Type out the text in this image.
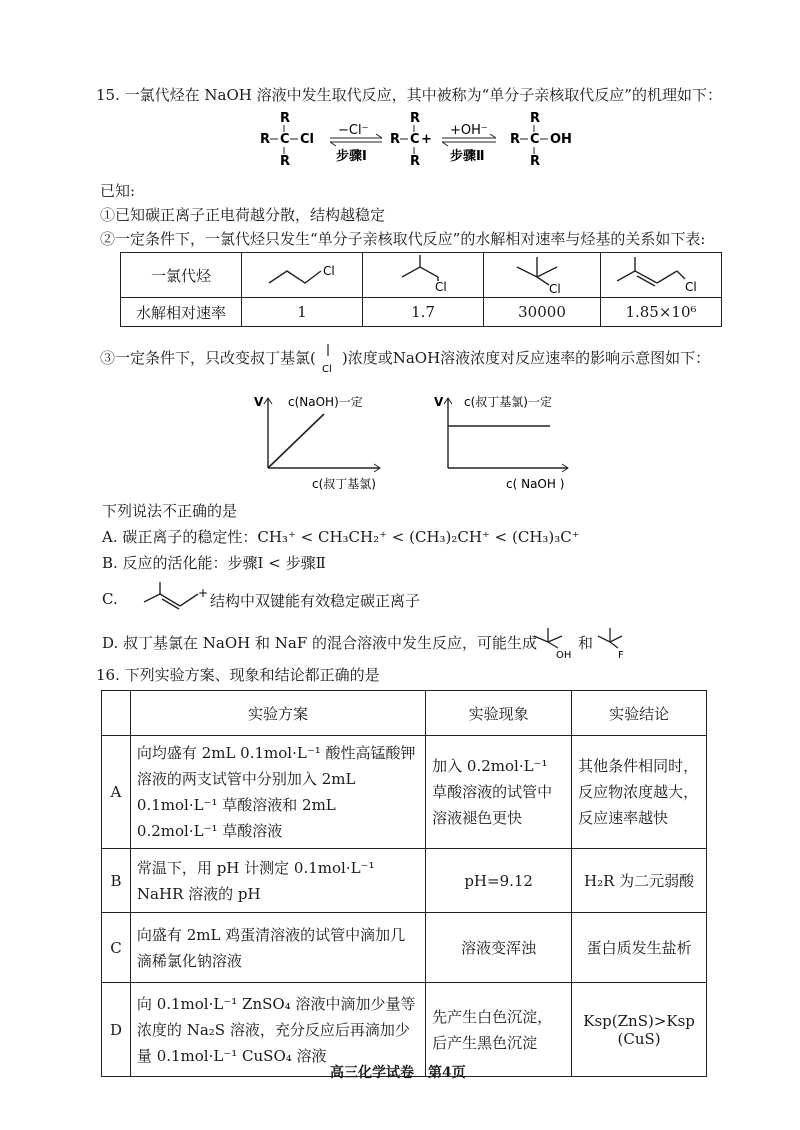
15. 一氯代烃在 NaOH 溶液中发生取代反应，其中被称为“单分子亲核取代反应”的机理如下：
R
R C
R
Cl
−Cl⁻
步骤Ⅰ
R
R C +
R
+OH⁻
步骤Ⅱ
R
R C
R
OH
已知:
①已知碳正离子正电荷越分散，结构越稳定
②一定条件下，一氯代烃只发生“单分子亲核取代反应”的水解相对速率与烃基的关系如下表:
一氯代烃	Cl	Cl	Cl	Cl

水解相对速率	1	1.7	30000	1.85×10⁶
③一定条件下，只改变叔丁基氯(
Cl
)浓度或NaOH溶液浓度对反应速率的影响示意图如下：
V c(NaOH)一定
c(叔丁基氯)
V c(叔丁基氯)一定
c( NaOH )
下列说法不正确的是
A. 碳正离子的稳定性：CH₃⁺ < CH₃CH₂⁺ < (CH₃)₂CH⁺ < (CH₃)₃C⁺
B. 反应的活化能：步骤Ⅰ < 步骤Ⅱ
C.	+ 结构中双键能有效稳定碳正离子
D. 叔丁基氯在 NaOH 和 NaF 的混合溶液中发生反应，可能生成
OH
和
F
16. 下列实验方案、现象和结论都正确的是
	实验方案	实验现象	实验结论
A	向均盛有 2mL 0.1mol·L⁻¹ 酸性高锰酸钾溶液的两支试管中分别加入 2mL 0.1mol·L⁻¹ 草酸溶液和 2mL 0.2mol·L⁻¹ 草酸溶液	加入 0.2mol·L⁻¹ 草酸溶液的试管中溶液褪色更快	其他条件相同时，反应物浓度越大，反应速率越快
B	常温下，用 pH 计测定 0.1mol·L⁻¹ NaHR 溶液的 pH	pH=9.12	H₂R 为二元弱酸
C	向盛有 2mL 鸡蛋清溶液的试管中滴加几滴稀氯化钠溶液	溶液变浑浊	蛋白质发生盐析
D	向 0.1mol·L⁻¹ ZnSO₄ 溶液中滴加少量等浓度的 Na₂S 溶液，充分反应后再滴加少量 0.1mol·L⁻¹ CuSO₄ 溶液	先产生白色沉淀，后产生黑色沉淀	Ksp(ZnS)>Ksp (CuS)
高三化学试卷　第4页
